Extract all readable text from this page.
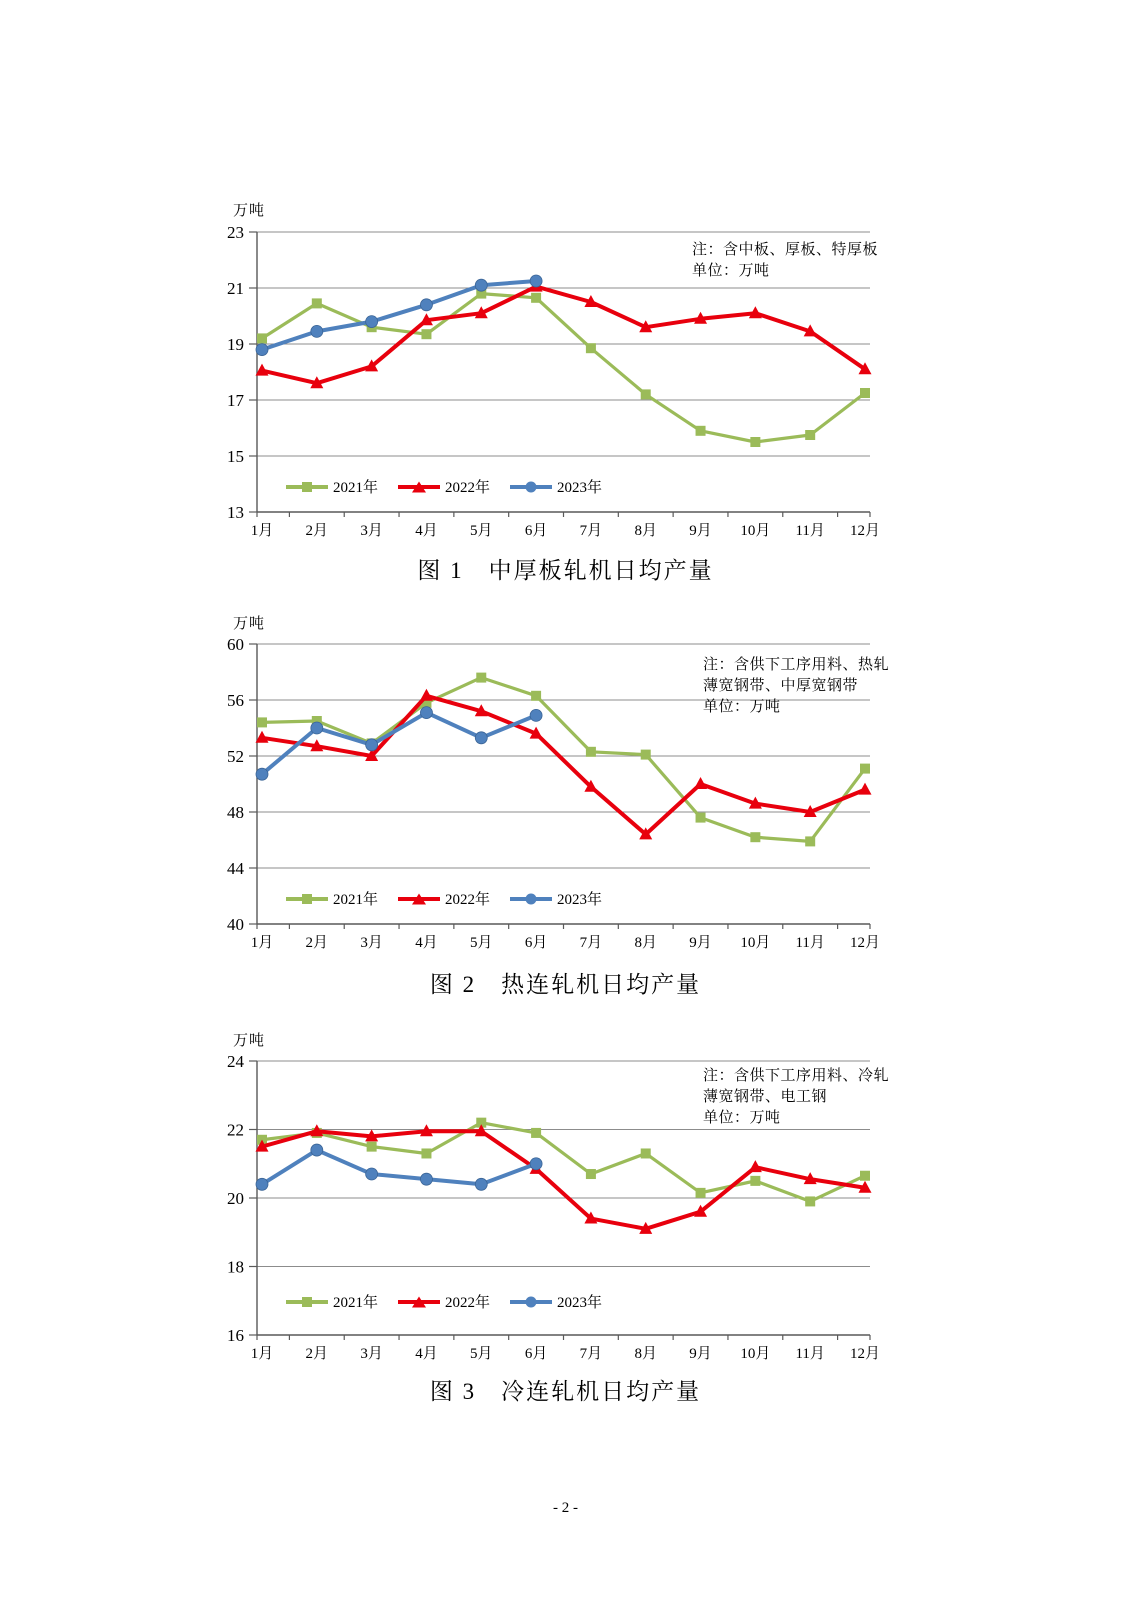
13
15
17
19
21
23
1月 2月 3月 4月 5月 6月 7月 8月 9月 10月 11月 12月
40
44
48
52
56
60
1月 2月 3月 4月 5月 6月 7月 8月 9月 10月 11月 12月
16
18
20
22
24
1月 2月 3月 4月 5月 6月 7月 8月 9月 10月 11月 12月
万吨
注：含中板、厚板、特厚板
单位：万吨
2021年	2022年	2023年
图 1　中厚板轧机日均产量
万吨
注：含供下工序用料、热轧
薄宽钢带、中厚宽钢带
单位：万吨
2021年	2022年	2023年
图 2　热连轧机日均产量
万吨
注：含供下工序用料、冷轧
薄宽钢带、电工钢
单位：万吨
2021年	2022年	2023年
图 3　冷连轧机日均产量
- 2 -
